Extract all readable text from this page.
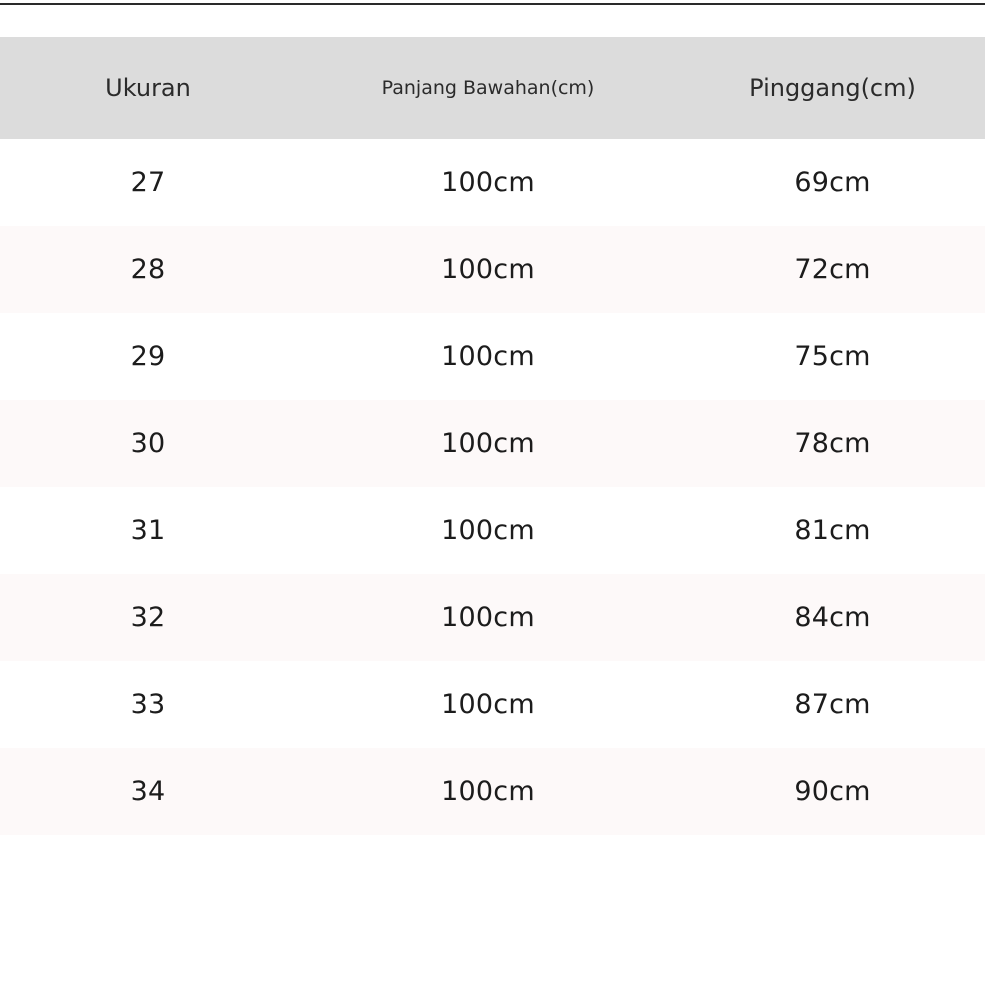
Ukuran	Panjang Bawahan(cm)	Pinggang(cm)
27	100cm	69cm
28	100cm	72cm
29	100cm	75cm
30	100cm	78cm
31	100cm	81cm
32	100cm	84cm
33	100cm	87cm
34	100cm	90cm
